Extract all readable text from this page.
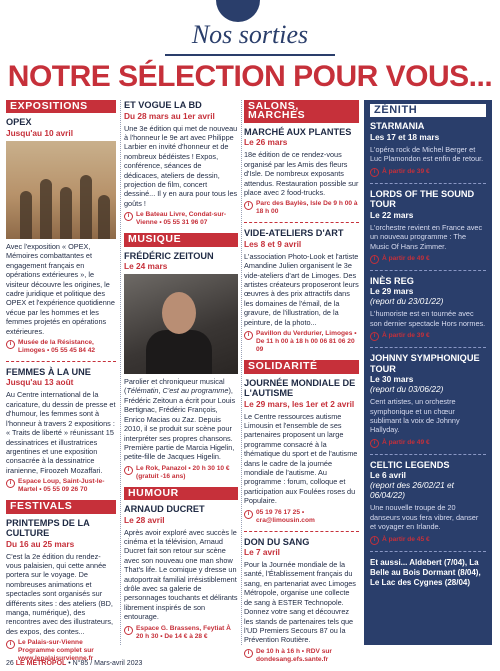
Nos sorties
NOTRE SÉLECTION POUR VOUS...
EXPOSITIONS
OPEX
Jusqu'au 10 avril
Avec l'exposition « OPEX, Mémoires combattantes et engagement français en opérations extérieures », le visiteur découvre les origines, le cadre juridique et politique des OPEX et l'expérience quotidienne vécue par les hommes et les femmes projetés en opérations extérieures.
i	Musée de la Résistance, Limoges • 05 55 45 84 42
FEMMES À LA UNE
Jusqu'au 13 août
Au Centre international de la caricature, du dessin de presse et d'humour, les femmes sont à l'honneur à travers 2 expositions : « Traits de liberté » réunissant 15 dessinatrices et illustratrices argentines et une exposition consacrée à la dessinatrice iranienne, Firoozeh Mozaffari.
i	Espace Loup, Saint-Just-le-Martel • 05 55 09 26 70
FESTIVALS
PRINTEMPS DE LA CULTURE
Du 16 au 25 mars
C'est la 2e édition du rendez-vous palaisien, qui cette année portera sur le voyage. De nombreuses animations et spectacles sont organisés sur différents sites : des ateliers (BD, manga, numérique), des rencontres avec des illustrateurs, des expos, des contes...
i	Le Palais-sur-Vienne Programme complet sur www.lepalaisurvienne.fr
ET VOGUE LA BD
Du 28 mars au 1er avril
Une 3e édition qui met de nouveau à l'honneur le 9e art avec Philippe Larbier en invité d'honneur et de nombreux bédéistes ! Expos, conférence, séances de dédicaces, ateliers de dessin, projection de film, concert dessiné... Il y en aura pour tous les goûts !
i	Le Bateau Livre, Condat-sur-Vienne • 05 55 31 96 07
MUSIQUE
FRÉDÉRIC ZEITOUN
Le 24 mars
Parolier et chroniqueur musical (Télématin, C'est au programme), Frédéric Zeitoun a écrit pour Louis Bertignac, Frédéric François, Enrico Macias ou Zaz. Depuis 2010, il se produit sur scène pour interpréter ses propres chansons. Première partie de Marcia Higelin, petite-fille de Jacques Higelin.
i	Le Rok, Panazol • 20 h 30 10 € (gratuit -16 ans)
HUMOUR
ARNAUD DUCRET
Le 28 avril
Après avoir exploré avec succès le cinéma et la télévision, Arnaud Ducret fait son retour sur scène avec son nouveau one man show That's life. Le comique y dresse un autoportrait familial irrésistiblement drôle avec sa galerie de personnages touchants et délirants librement inspirés de son entourage.
i	Espace G. Brassens, Feytiat À 20 h 30 • De 14 € à 28 €
SALONS, MARCHÉS
MARCHÉ AUX PLANTES
Le 26 mars
18e édition de ce rendez-vous organisé par les Amis des fleurs d'Isle. De nombreux exposants attendus. Restauration possible sur place avec 2 food-trucks.
i	Parc des Baylès, Isle De 9 h 00 à 18 h 00
VIDE-ATELIERS D'ART
Les 8 et 9 avril
L'association Photo-Look et l'artiste Amandine Julien organisent le 3e vide-ateliers d'art de Limoges. Des artistes créateurs proposeront leurs œuvres à des prix attractifs dans les domaines de l'émail, de la gravure, de l'illustration, de la peinture, de la photo...
i	Pavillon du Verdurier, Limoges • De 11 h 00 à 18 h 00 06 81 06 20 09
SOLIDARITÉ
JOURNÉE MONDIALE DE L'AUTISME
Le 29 mars, les 1er et 2 avril
Le Centre ressources autisme Limousin et l'ensemble de ses partenaires proposent un large programme consacré à la thématique du sport et de l'autisme dans le cadre de la journée mondiale de l'autisme. Au programme : forum, colloque et participation aux Foulées roses du Populaire.
i	05 19 76 17 25 • cra@limousin.com
DON DU SANG
Le 7 avril
Pour la Journée mondiale de la santé, l'Établissement français du sang, en partenariat avec Limoges Métropole, organise une collecte de sang à ESTER Technopole. Donnez votre sang et découvrez les stands de partenaires tels que l'UD Premiers Secours 87 ou la Prévention Routière.
i	De 10 h à 16 h • RDV sur dondesang.efs.sante.fr
ZÉNITH
STARMANIA
Les 17 et 18 mars
L'opéra rock de Michel Berger et Luc Plamondon est enfin de retour.
i À partir de 39 €
LORDS OF THE SOUND TOUR
Le 22 mars
L'orchestre revient en France avec un nouveau programme : The Music Of Hans Zimmer.
i À partir de 49 €
INÈS REG
Le 29 mars
(report du 23/01/22)
L'humoriste est en tournée avec son dernier spectacle Hors normes.
i À partir de 39 €
JOHNNY SYMPHONIQUE TOUR
Le 30 mars
(report du 03/06/22)
Cent artistes, un orchestre symphonique et un chœur sublimant la voix de Johnny Hallyday.
i À partir de 49 €
CELTIC LEGENDS
Le 6 avril
(report des 26/02/21 et 06/04/22)
Une nouvelle troupe de 20 danseurs vous fera vibrer, danser et voyager en Irlande.
i À partir de 45 €
Et aussi... Aldebert (7/04), La Belle au Bois Dormant (8/04), Le Lac des Cygnes (28/04)
26 LE MÉTROPOL • N°85 / Mars-avril 2023
